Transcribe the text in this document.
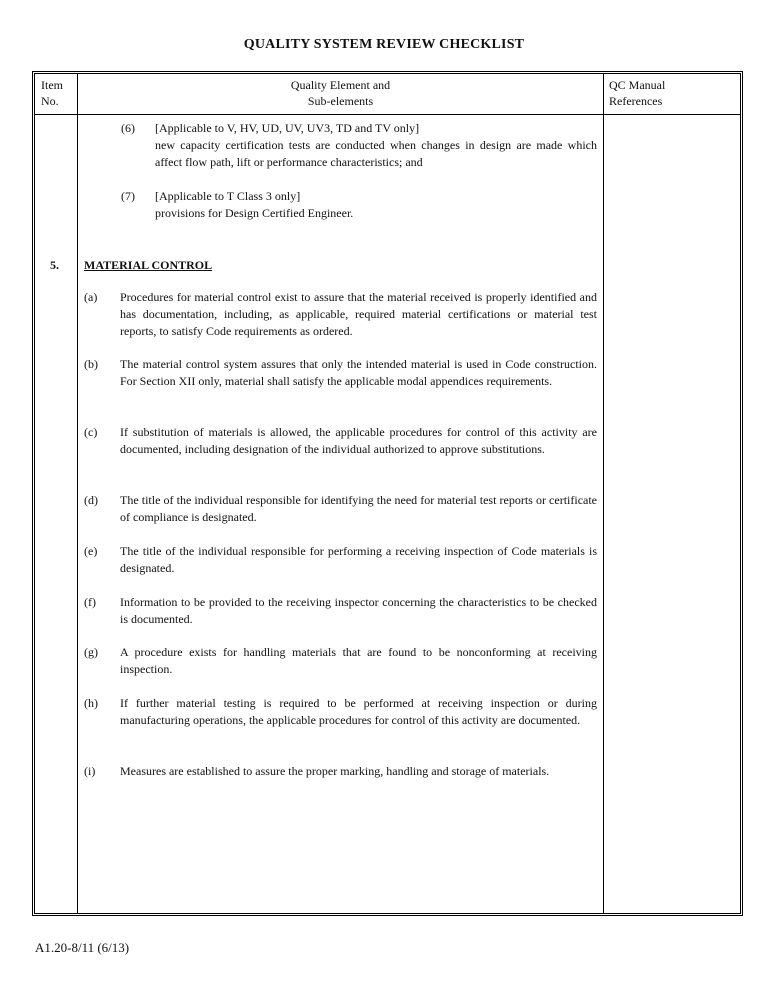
QUALITY SYSTEM REVIEW CHECKLIST
Item
No.
Quality Element and
Sub-elements
QC Manual
References
(6) [Applicable to V, HV, UD, UV, UV3, TD and TV only]
new capacity certification tests are conducted when changes in design are made which affect flow path, lift or performance characteristics; and
(7) [Applicable to T Class 3 only]
provisions for Design Certified Engineer.
5. MATERIAL CONTROL
(a) Procedures for material control exist to assure that the material received is properly identified and has documentation, including, as applicable, required material certifications or material test reports, to satisfy Code requirements as ordered.
(b) The material control system assures that only the intended material is used in Code construction. For Section XII only, material shall satisfy the applicable modal appendices requirements.
(c) If substitution of materials is allowed, the applicable procedures for control of this activity are documented, including designation of the individual authorized to approve substitutions.
(d) The title of the individual responsible for identifying the need for material test reports or certificate of compliance is designated.
(e) The title of the individual responsible for performing a receiving inspection of Code materials is designated.
(f) Information to be provided to the receiving inspector concerning the characteristics to be checked is documented.
(g) A procedure exists for handling materials that are found to be nonconforming at receiving inspection.
(h) If further material testing is required to be performed at receiving inspection or during manufacturing operations, the applicable procedures for control of this activity are documented.
(i) Measures are established to assure the proper marking, handling and storage of materials.
A1.20-8/11 (6/13)
